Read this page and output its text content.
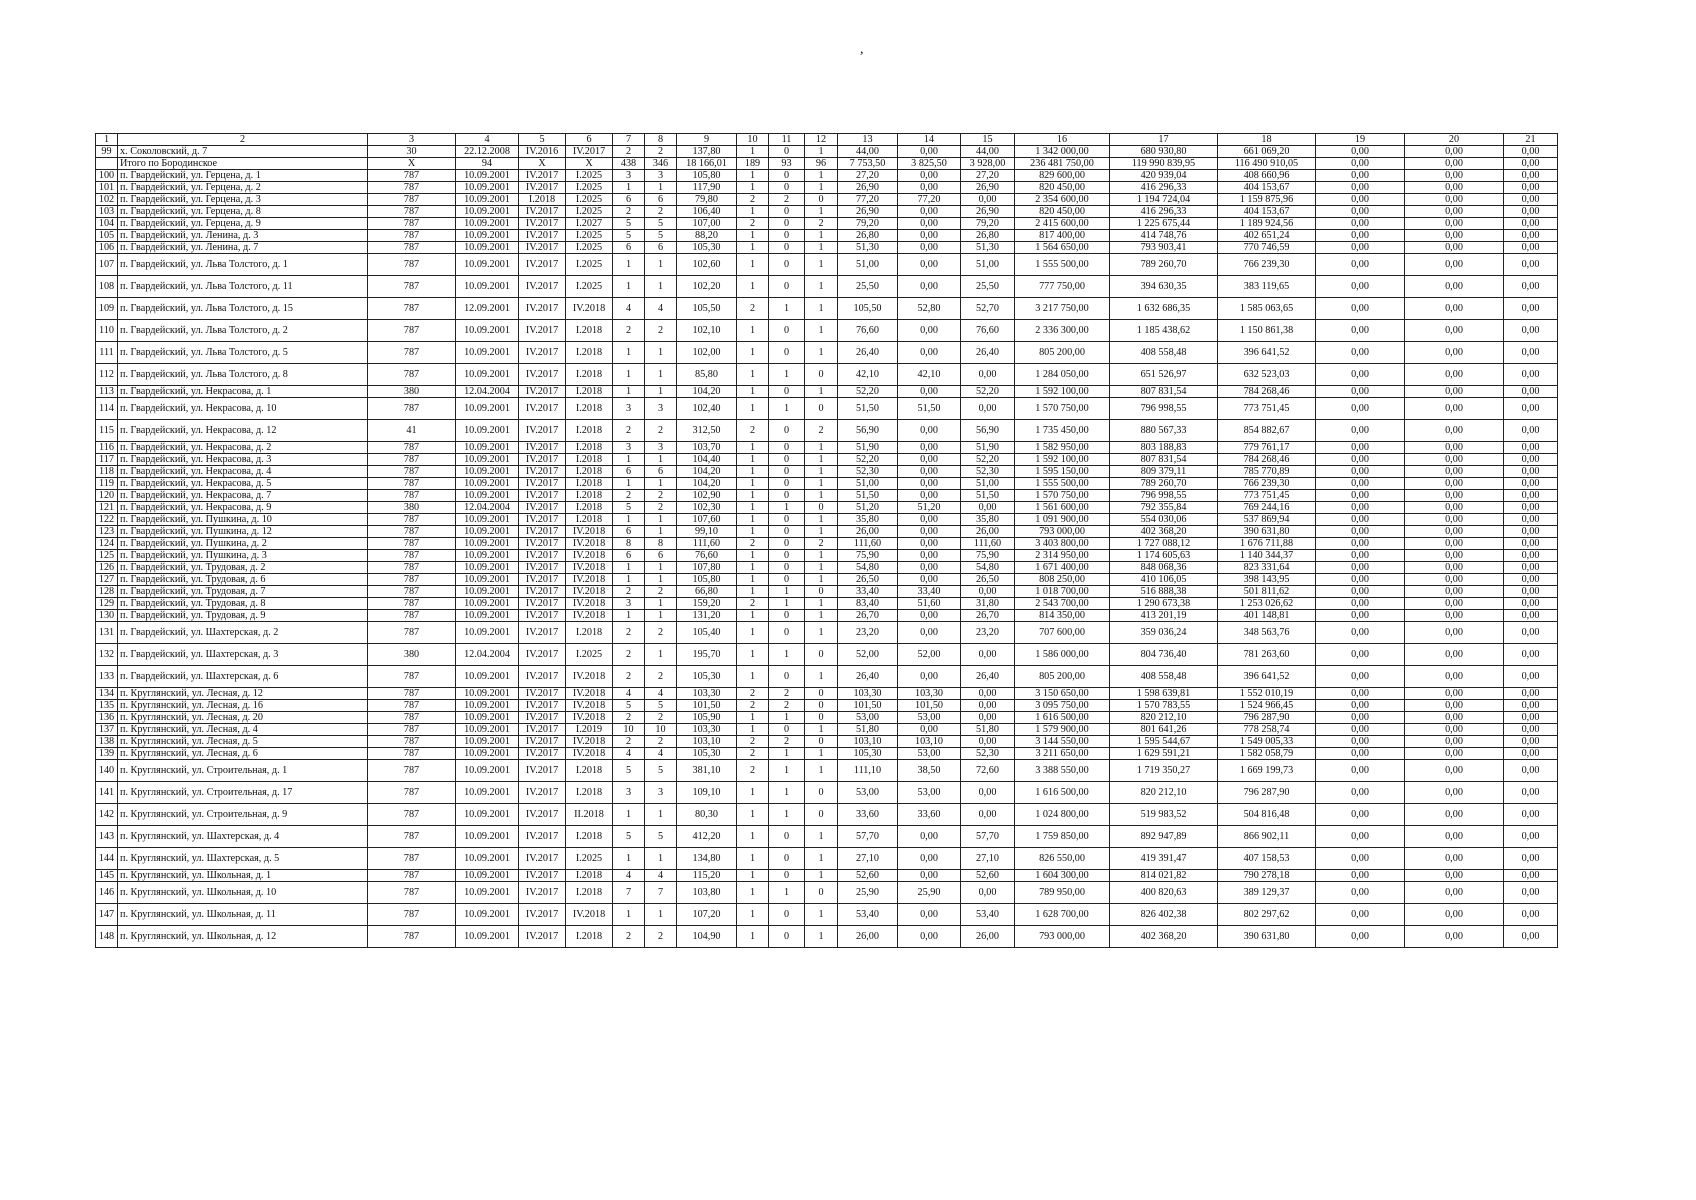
,
1	2	3	4	5	6	7	8	9	10	11	12	13	14	15	16	17	18	19	20	21
99	х. Соколовский, д. 7	30	22.12.2008	IV.2016	IV.2017	2	2	137,80	1	0	1	44,00	0,00	44,00	1 342 000,00	680 930,80	661 069,20	0,00	0,00	0,00
	Итого по Бородинское	Х	94	Х	Х	438	346	18 166,01	189	93	96	7 753,50	3 825,50	3 928,00	236 481 750,00	119 990 839,95	116 490 910,05	0,00	0,00	0,00
100	п. Гвардейский, ул. Герцена, д. 1	787	10.09.2001	IV.2017	I.2025	3	3	105,80	1	0	1	27,20	0,00	27,20	829 600,00	420 939,04	408 660,96	0,00	0,00	0,00
101	п. Гвардейский, ул. Герцена, д. 2	787	10.09.2001	IV.2017	I.2025	1	1	117,90	1	0	1	26,90	0,00	26,90	820 450,00	416 296,33	404 153,67	0,00	0,00	0,00
102	п. Гвардейский, ул. Герцена, д. 3	787	10.09.2001	I.2018	I.2025	6	6	79,80	2	2	0	77,20	77,20	0,00	2 354 600,00	1 194 724,04	1 159 875,96	0,00	0,00	0,00
103	п. Гвардейский, ул. Герцена, д. 8	787	10.09.2001	IV.2017	I.2025	2	2	106,40	1	0	1	26,90	0,00	26,90	820 450,00	416 296,33	404 153,67	0,00	0,00	0,00
104	п. Гвардейский, ул. Герцена, д. 9	787	10.09.2001	IV.2017	I.2027	5	5	107,00	2	0	2	79,20	0,00	79,20	2 415 600,00	1 225 675,44	1 189 924,56	0,00	0,00	0,00
105	п. Гвардейский, ул. Ленина, д. 3	787	10.09.2001	IV.2017	I.2025	5	5	88,20	1	0	1	26,80	0,00	26,80	817 400,00	414 748,76	402 651,24	0,00	0,00	0,00
106	п. Гвардейский, ул. Ленина, д. 7	787	10.09.2001	IV.2017	I.2025	6	6	105,30	1	0	1	51,30	0,00	51,30	1 564 650,00	793 903,41	770 746,59	0,00	0,00	0,00
107	п. Гвардейский, ул. Льва Толстого, д. 1	787	10.09.2001	IV.2017	I.2025	1	1	102,60	1	0	1	51,00	0,00	51,00	1 555 500,00	789 260,70	766 239,30	0,00	0,00	0,00
108	п. Гвардейский, ул. Льва Толстого, д. 11	787	10.09.2001	IV.2017	I.2025	1	1	102,20	1	0	1	25,50	0,00	25,50	777 750,00	394 630,35	383 119,65	0,00	0,00	0,00
109	п. Гвардейский, ул. Льва Толстого, д. 15	787	12.09.2001	IV.2017	IV.2018	4	4	105,50	2	1	1	105,50	52,80	52,70	3 217 750,00	1 632 686,35	1 585 063,65	0,00	0,00	0,00
110	п. Гвардейский, ул. Льва Толстого, д. 2	787	10.09.2001	IV.2017	I.2018	2	2	102,10	1	0	1	76,60	0,00	76,60	2 336 300,00	1 185 438,62	1 150 861,38	0,00	0,00	0,00
111	п. Гвардейский, ул. Льва Толстого, д. 5	787	10.09.2001	IV.2017	I.2018	1	1	102,00	1	0	1	26,40	0,00	26,40	805 200,00	408 558,48	396 641,52	0,00	0,00	0,00
112	п. Гвардейский, ул. Льва Толстого, д. 8	787	10.09.2001	IV.2017	I.2018	1	1	85,80	1	1	0	42,10	42,10	0,00	1 284 050,00	651 526,97	632 523,03	0,00	0,00	0,00
113	п. Гвардейский, ул. Некрасова, д. 1	380	12.04.2004	IV.2017	I.2018	1	1	104,20	1	0	1	52,20	0,00	52,20	1 592 100,00	807 831,54	784 268,46	0,00	0,00	0,00
114	п. Гвардейский, ул. Некрасова, д. 10	787	10.09.2001	IV.2017	I.2018	3	3	102,40	1	1	0	51,50	51,50	0,00	1 570 750,00	796 998,55	773 751,45	0,00	0,00	0,00
115	п. Гвардейский, ул. Некрасова, д. 12	41	10.09.2001	IV.2017	I.2018	2	2	312,50	2	0	2	56,90	0,00	56,90	1 735 450,00	880 567,33	854 882,67	0,00	0,00	0,00
116	п. Гвардейский, ул. Некрасова, д. 2	787	10.09.2001	IV.2017	I.2018	3	3	103,70	1	0	1	51,90	0,00	51,90	1 582 950,00	803 188,83	779 761,17	0,00	0,00	0,00
117	п. Гвардейский, ул. Некрасова, д. 3	787	10.09.2001	IV.2017	I.2018	1	1	104,40	1	0	1	52,20	0,00	52,20	1 592 100,00	807 831,54	784 268,46	0,00	0,00	0,00
118	п. Гвардейский, ул. Некрасова, д. 4	787	10.09.2001	IV.2017	I.2018	6	6	104,20	1	0	1	52,30	0,00	52,30	1 595 150,00	809 379,11	785 770,89	0,00	0,00	0,00
119	п. Гвардейский, ул. Некрасова, д. 5	787	10.09.2001	IV.2017	I.2018	1	1	104,20	1	0	1	51,00	0,00	51,00	1 555 500,00	789 260,70	766 239,30	0,00	0,00	0,00
120	п. Гвардейский, ул. Некрасова, д. 7	787	10.09.2001	IV.2017	I.2018	2	2	102,90	1	0	1	51,50	0,00	51,50	1 570 750,00	796 998,55	773 751,45	0,00	0,00	0,00
121	п. Гвардейский, ул. Некрасова, д. 9	380	12.04.2004	IV.2017	I.2018	5	2	102,30	1	1	0	51,20	51,20	0,00	1 561 600,00	792 355,84	769 244,16	0,00	0,00	0,00
122	п. Гвардейский, ул. Пушкина, д. 10	787	10.09.2001	IV.2017	I.2018	1	1	107,60	1	0	1	35,80	0,00	35,80	1 091 900,00	554 030,06	537 869,94	0,00	0,00	0,00
123	п. Гвардейский, ул. Пушкина, д. 12	787	10.09.2001	IV.2017	IV.2018	6	1	99,10	1	0	1	26,00	0,00	26,00	793 000,00	402 368,20	390 631,80	0,00	0,00	0,00
124	п. Гвардейский, ул. Пушкина, д. 2	787	10.09.2001	IV.2017	IV.2018	8	8	111,60	2	0	2	111,60	0,00	111,60	3 403 800,00	1 727 088,12	1 676 711,88	0,00	0,00	0,00
125	п. Гвардейский, ул. Пушкина, д. 3	787	10.09.2001	IV.2017	IV.2018	6	6	76,60	1	0	1	75,90	0,00	75,90	2 314 950,00	1 174 605,63	1 140 344,37	0,00	0,00	0,00
126	п. Гвардейский, ул. Трудовая, д. 2	787	10.09.2001	IV.2017	IV.2018	1	1	107,80	1	0	1	54,80	0,00	54,80	1 671 400,00	848 068,36	823 331,64	0,00	0,00	0,00
127	п. Гвардейский, ул. Трудовая, д. 6	787	10.09.2001	IV.2017	IV.2018	1	1	105,80	1	0	1	26,50	0,00	26,50	808 250,00	410 106,05	398 143,95	0,00	0,00	0,00
128	п. Гвардейский, ул. Трудовая, д. 7	787	10.09.2001	IV.2017	IV.2018	2	2	66,80	1	1	0	33,40	33,40	0,00	1 018 700,00	516 888,38	501 811,62	0,00	0,00	0,00
129	п. Гвардейский, ул. Трудовая, д. 8	787	10.09.2001	IV.2017	IV.2018	3	1	159,20	2	1	1	83,40	51,60	31,80	2 543 700,00	1 290 673,38	1 253 026,62	0,00	0,00	0,00
130	п. Гвардейский, ул. Трудовая, д. 9	787	10.09.2001	IV.2017	IV.2018	1	1	131,20	1	0	1	26,70	0,00	26,70	814 350,00	413 201,19	401 148,81	0,00	0,00	0,00
131	п. Гвардейский, ул. Шахтерская, д. 2	787	10.09.2001	IV.2017	I.2018	2	2	105,40	1	0	1	23,20	0,00	23,20	707 600,00	359 036,24	348 563,76	0,00	0,00	0,00
132	п. Гвардейский, ул. Шахтерская, д. 3	380	12.04.2004	IV.2017	I.2025	2	1	195,70	1	1	0	52,00	52,00	0,00	1 586 000,00	804 736,40	781 263,60	0,00	0,00	0,00
133	п. Гвардейский, ул. Шахтерская, д. 6	787	10.09.2001	IV.2017	IV.2018	2	2	105,30	1	0	1	26,40	0,00	26,40	805 200,00	408 558,48	396 641,52	0,00	0,00	0,00
134	п. Круглянский, ул. Лесная, д. 12	787	10.09.2001	IV.2017	IV.2018	4	4	103,30	2	2	0	103,30	103,30	0,00	3 150 650,00	1 598 639,81	1 552 010,19	0,00	0,00	0,00
135	п. Круглянский, ул. Лесная, д. 16	787	10.09.2001	IV.2017	IV.2018	5	5	101,50	2	2	0	101,50	101,50	0,00	3 095 750,00	1 570 783,55	1 524 966,45	0,00	0,00	0,00
136	п. Круглянский, ул. Лесная, д. 20	787	10.09.2001	IV.2017	IV.2018	2	2	105,90	1	1	0	53,00	53,00	0,00	1 616 500,00	820 212,10	796 287,90	0,00	0,00	0,00
137	п. Круглянский, ул. Лесная, д. 4	787	10.09.2001	IV.2017	I.2019	10	10	103,30	1	0	1	51,80	0,00	51,80	1 579 900,00	801 641,26	778 258,74	0,00	0,00	0,00
138	п. Круглянский, ул. Лесная, д. 5	787	10.09.2001	IV.2017	IV.2018	2	2	103,10	2	2	0	103,10	103,10	0,00	3 144 550,00	1 595 544,67	1 549 005,33	0,00	0,00	0,00
139	п. Круглянский, ул. Лесная, д. 6	787	10.09.2001	IV.2017	IV.2018	4	4	105,30	2	1	1	105,30	53,00	52,30	3 211 650,00	1 629 591,21	1 582 058,79	0,00	0,00	0,00
140	п. Круглянский, ул. Строительная, д. 1	787	10.09.2001	IV.2017	I.2018	5	5	381,10	2	1	1	111,10	38,50	72,60	3 388 550,00	1 719 350,27	1 669 199,73	0,00	0,00	0,00
141	п. Круглянский, ул. Строительная, д. 17	787	10.09.2001	IV.2017	I.2018	3	3	109,10	1	1	0	53,00	53,00	0,00	1 616 500,00	820 212,10	796 287,90	0,00	0,00	0,00
142	п. Круглянский, ул. Строительная, д. 9	787	10.09.2001	IV.2017	II.2018	1	1	80,30	1	1	0	33,60	33,60	0,00	1 024 800,00	519 983,52	504 816,48	0,00	0,00	0,00
143	п. Круглянский, ул. Шахтерская, д. 4	787	10.09.2001	IV.2017	I.2018	5	5	412,20	1	0	1	57,70	0,00	57,70	1 759 850,00	892 947,89	866 902,11	0,00	0,00	0,00
144	п. Круглянский, ул. Шахтерская, д. 5	787	10.09.2001	IV.2017	I.2025	1	1	134,80	1	0	1	27,10	0,00	27,10	826 550,00	419 391,47	407 158,53	0,00	0,00	0,00
145	п. Круглянский, ул. Школьная, д. 1	787	10.09.2001	IV.2017	I.2018	4	4	115,20	1	0	1	52,60	0,00	52,60	1 604 300,00	814 021,82	790 278,18	0,00	0,00	0,00
146	п. Круглянский, ул. Школьная, д. 10	787	10.09.2001	IV.2017	I.2018	7	7	103,80	1	1	0	25,90	25,90	0,00	789 950,00	400 820,63	389 129,37	0,00	0,00	0,00
147	п. Круглянский, ул. Школьная, д. 11	787	10.09.2001	IV.2017	IV.2018	1	1	107,20	1	0	1	53,40	0,00	53,40	1 628 700,00	826 402,38	802 297,62	0,00	0,00	0,00
148	п. Круглянский, ул. Школьная, д. 12	787	10.09.2001	IV.2017	I.2018	2	2	104,90	1	0	1	26,00	0,00	26,00	793 000,00	402 368,20	390 631,80	0,00	0,00	0,00
